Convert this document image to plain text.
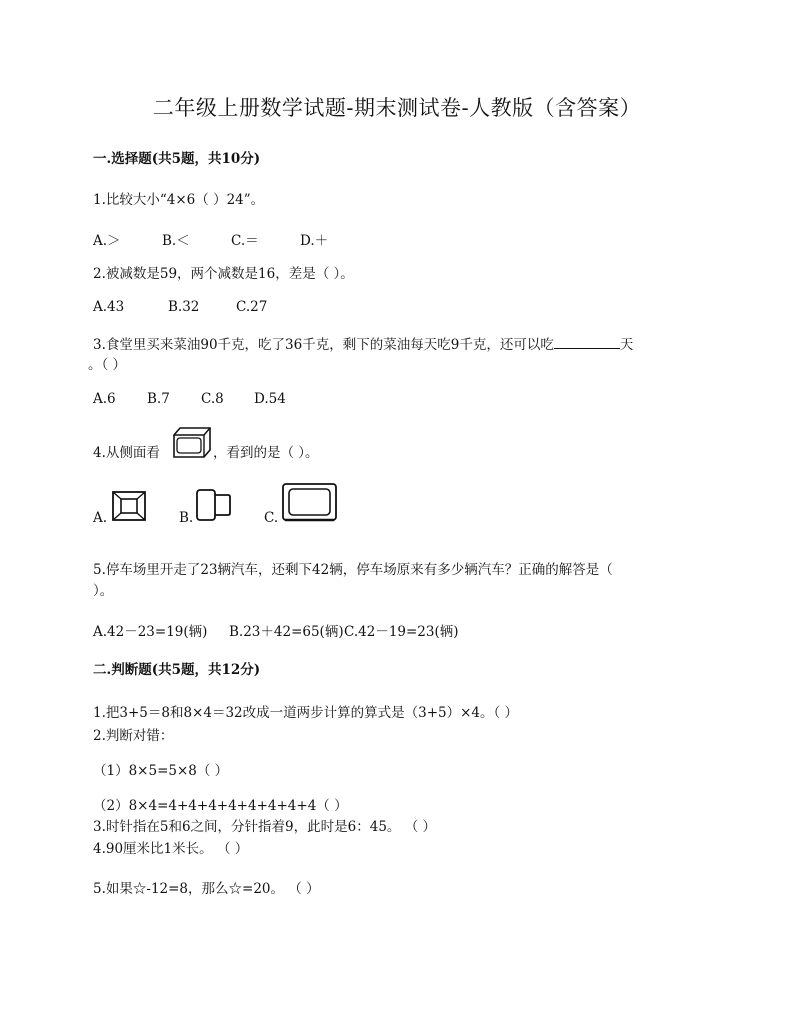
二年级上册数学试题-期末测试卷-人教版（含答案）
一.选择题(共5题，共10分)
1.比较大小“4×6（ ）24”。
A.＞	B.＜	C.＝	D.＋
2.被减数是59，两个减数是16，差是（ ）。
A.43	B.32	C.27
3.食堂里买来菜油90千克，吃了36千克，剩下的菜油每天吃9千克，还可以吃	天
。（ ）
A.6 B.7 C.8 D.54
4.从侧面看	，看到的是（ ）。
A.	B.	C.
5.停车场里开走了23辆汽车，还剩下42辆，停车场原来有多少辆汽车？正确的解答是（
）。
A.42－23=19(辆) B.23＋42=65(辆) C.42－19=23(辆)
二.判断题(共5题，共12分)
1.把3+5＝8和8×4＝32改成一道两步计算的算式是（3+5）×4。（ ）
2.判断对错：
（1）8×5=5×8（ ）
（2）8×4=4+4+4+4+4+4+4+4（ ）
3.时针指在5和6之间，分针指着9，此时是6：45。 （ ）
4.90厘米比1米长。 （ ）
5.如果☆-12=8，那么☆=20。 （ ）
